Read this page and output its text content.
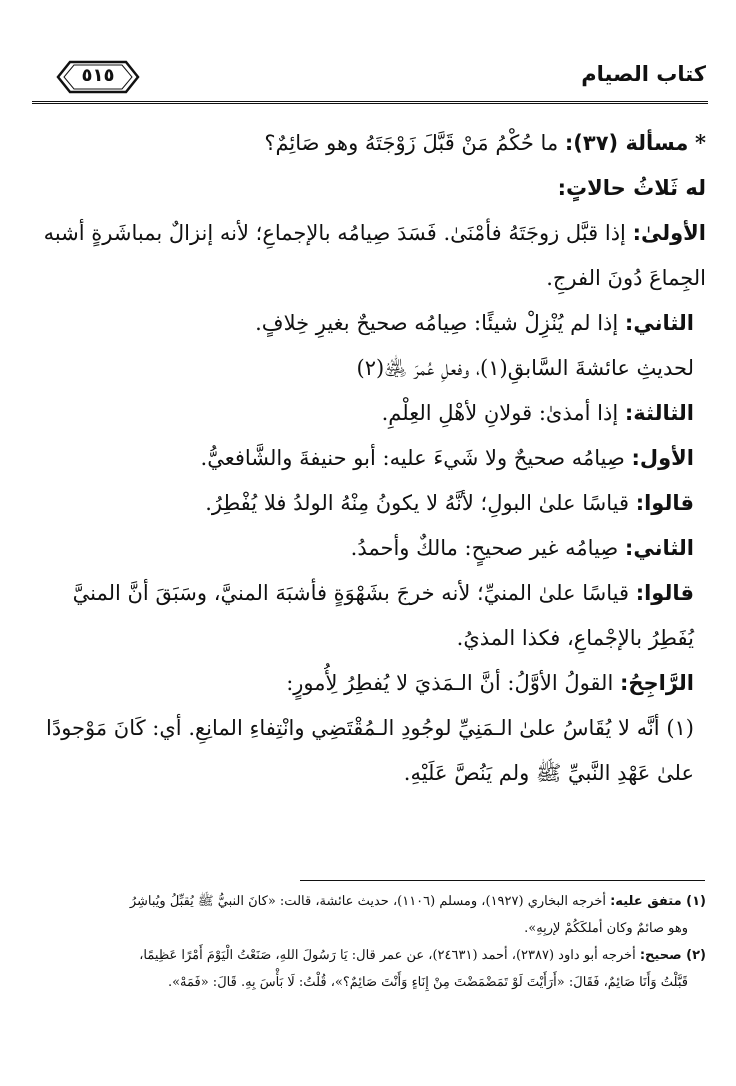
كتاب الصيام
٥١٥

* مسألة (٣٧): ما حُكْمُ مَنْ قَبَّلَ زَوْجَتَهُ وهو صَائِمٌ؟

له ثَلاثُ حالاتٍ:

الأولىٰ: إذا قبَّل زوجَتَهُ فأمْنَىٰ. فَسَدَ صِيامُه بالإجماعِ؛ لأنه إنزالٌ بمباشَرةٍ أشبه الجِماعَ دُونَ الفرجِ.

الثاني: إذا لم يُنْزِلْ شيئًا: صِيامُه صحيحٌ بغيرِ خِلافٍ.

لحديثِ عائشةَ السَّابقِ(١)، وفعلِ عُمرَ ﵁(٢)

الثالثة: إذا أمذىٰ: قولانِ لأهْلِ العِلْمِ.

الأول: صِيامُه صحيحٌ ولا شَيءَ عليه: أبو حنيفةَ والشَّافعيُّ.

قالوا: قياسًا علىٰ البولِ؛ لأنَّهُ لا يكونُ مِنْهُ الولدُ فلا يُفْطِرُ.

الثاني: صِيامُه غير صحيحٍ: مالكٌ وأحمدُ.

قالوا: قياسًا علىٰ المنيِّ؛ لأنه خرجَ بشَهْوَةٍ فأشبَهَ المنيَّ، وسَبَقَ أنَّ المنيَّ يُفَطِرُ بالإجْماعِ، فكذا المذيُ.

الرَّاجِحُ: القولُ الأوَّلُ: أنَّ الـمَذيَ لا يُفطِرُ لِأُمورٍ:

(١) أنَّه لا يُقَاسُ علىٰ الـمَنِيِّ لوجُودِ الـمُقْتَضِي وانْتِفاءِ المانِعِ. أي: كَانَ مَوْجودًا علىٰ عَهْدِ النَّبيِّ ﷺ ولم يَنُصَّ عَلَيْهِ.

(١) متفق عليه: أخرجه البخاري (١٩٢٧)، ومسلم (١١٠٦)، حديث عائشة، قالت: «كانَ النبيُّ ﷺ يُقبِّلُ ويُباشِرُ

وهو صائمٌ وكان أملكَكُمْ لإربِهِ».

(٢) صحيح: أخرجه أبو داود (٢٣٨٧)، أحمد (٢٤٦٣١)، عن عمر قال: يَا رَسُولَ اللهِ، صَنَعْتُ الْيَوْمَ أَمْرًا عَظِيمًا،

قَبَّلْتُ وَأَنَا صَائِمٌ، فَقَالَ: «أَرَأَيْتَ لَوْ تَمَضْمَضْتَ مِنْ إِنَاءٍ وَأَنْتَ صَائِمٌ؟»، قُلْتُ: لَا بَأْسَ بِهِ. قَالَ: «فَمَهْ».
